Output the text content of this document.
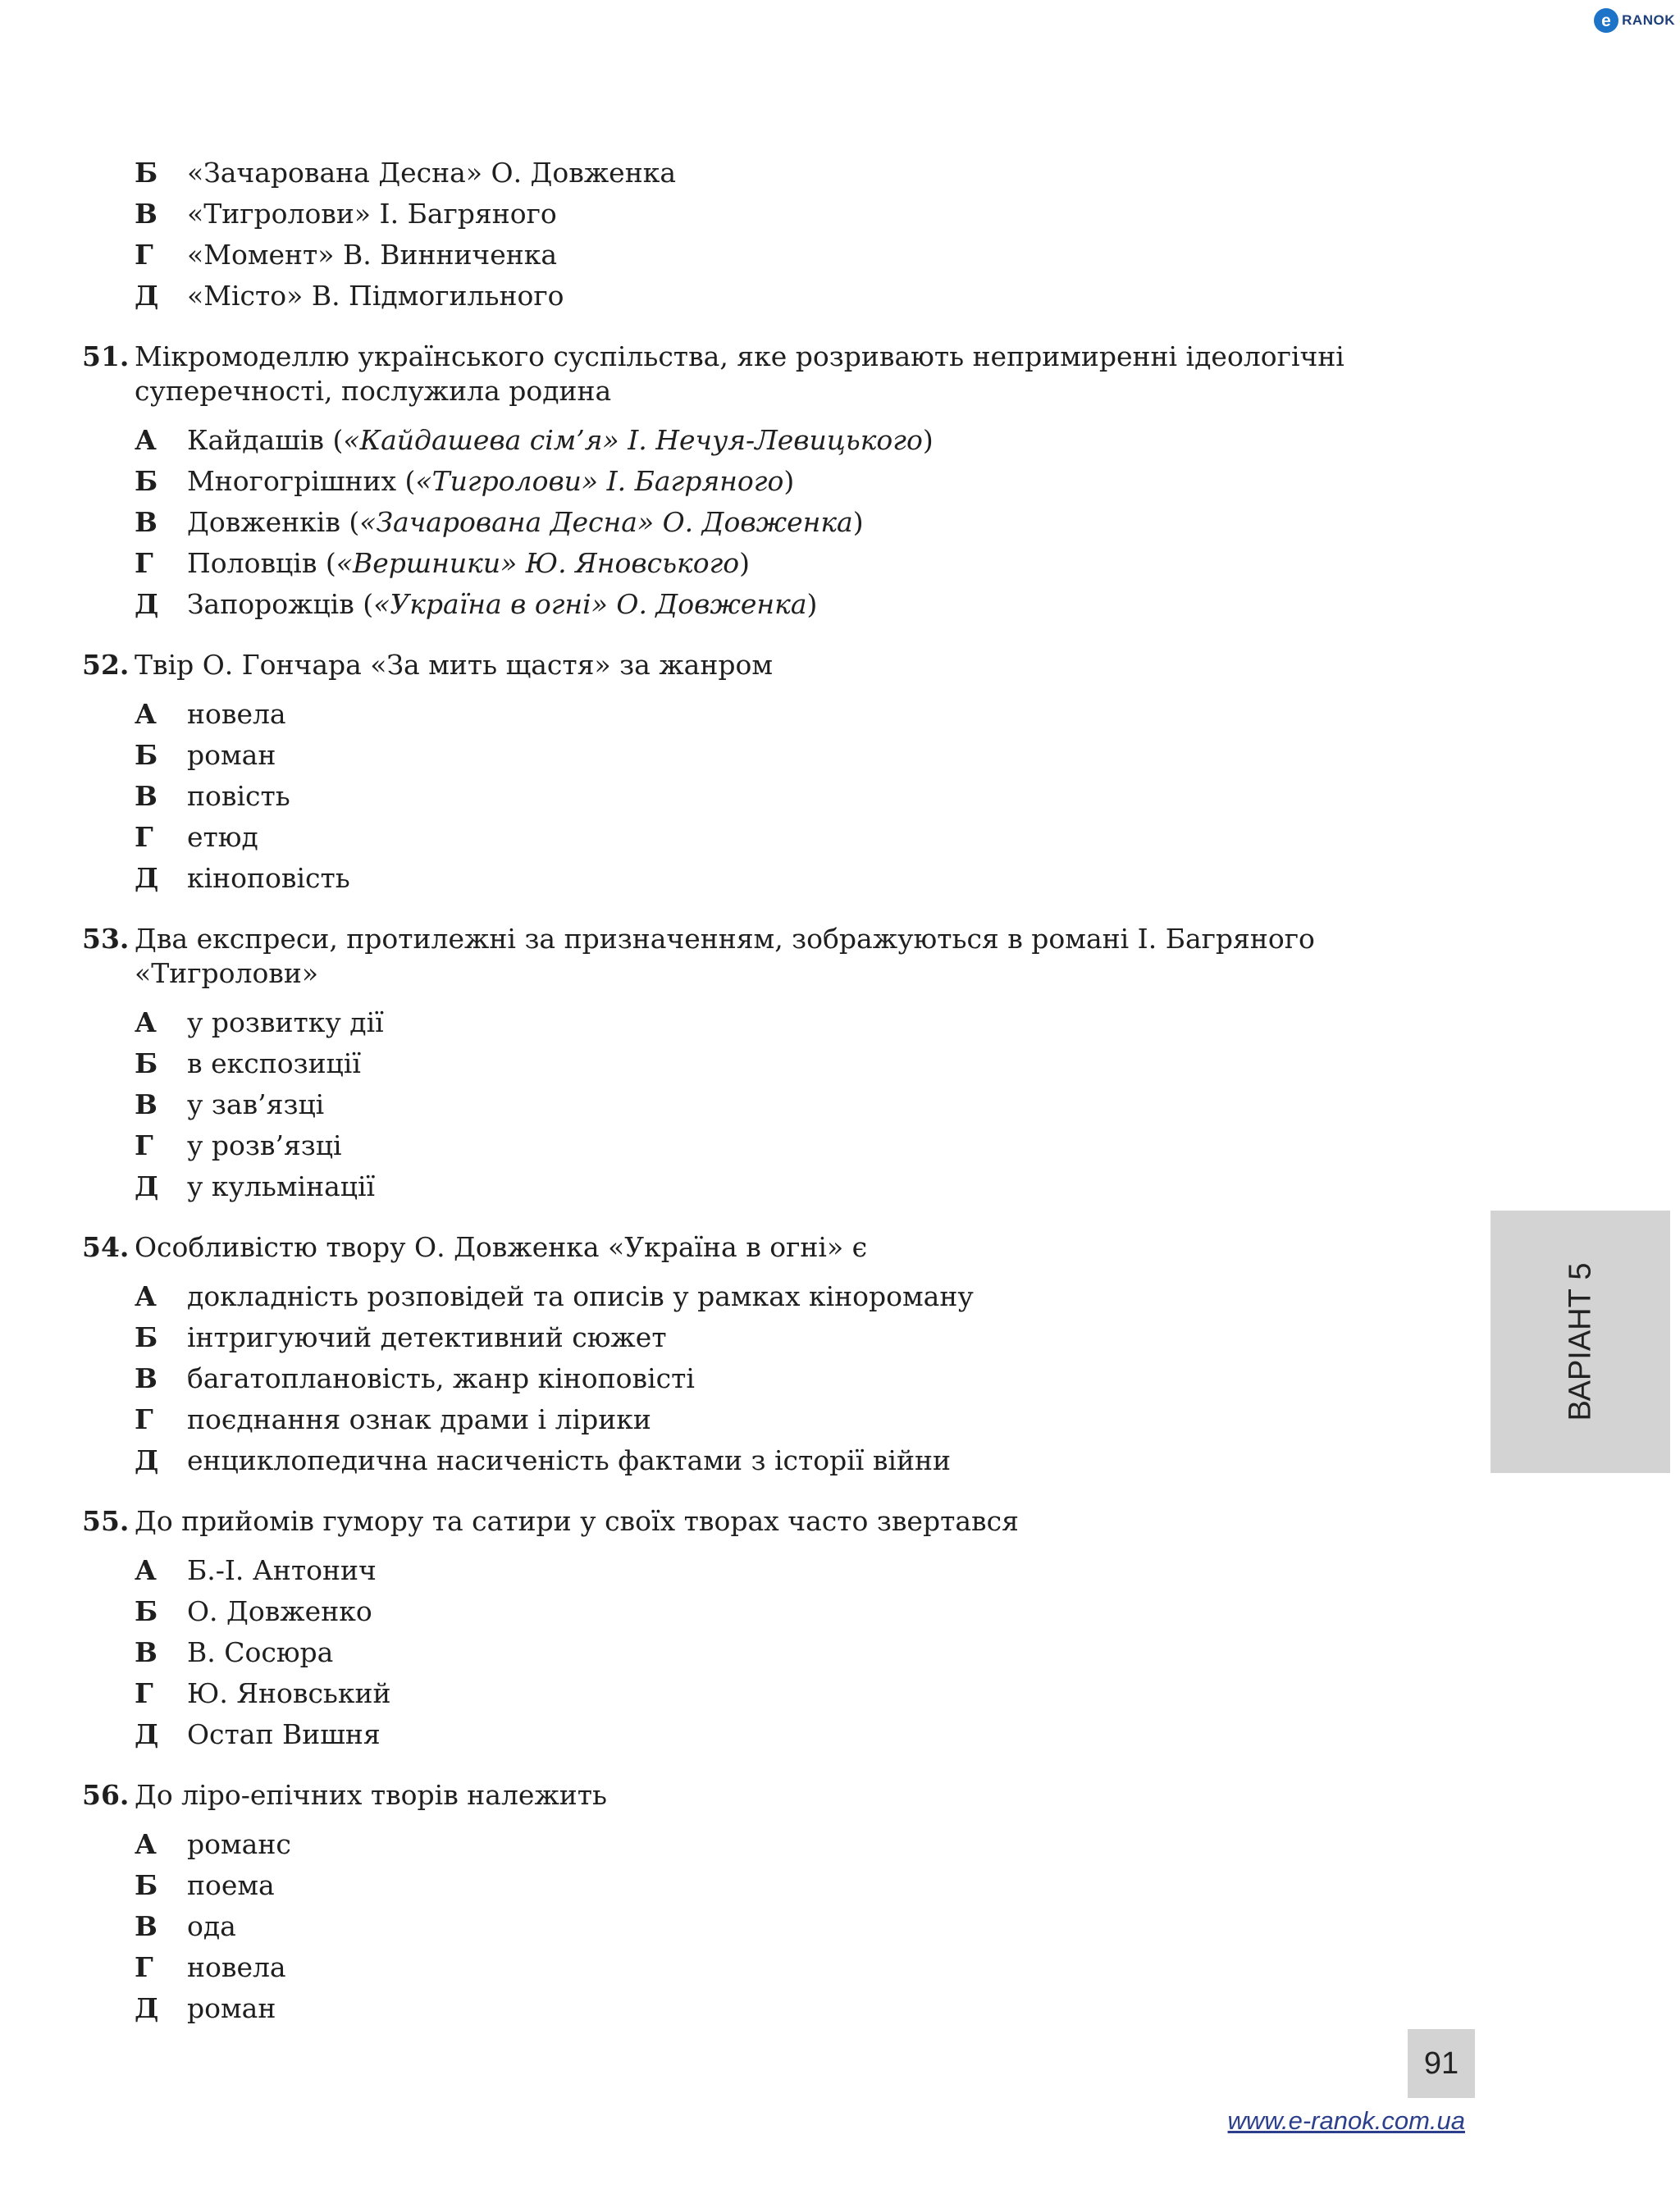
e RANOK
Б	«Зачарована Десна» О. Довженка
В	«Тигролови» І. Багряного
Г	«Момент» В. Винниченка
Д	«Місто» В. Підмогильного
51. Мікромоделлю українського суспільства, яке розривають непримиренні ідеологічні суперечності, послужила родина
А	Кайдашів («Кайдашева сім’я» І. Нечуя-Левицького)
Б	Многогрішних («Тигролови» І. Багряного)
В	Довженків («Зачарована Десна» О. Довженка)
Г	Половців («Вершники» Ю. Яновського)
Д	Запорожців («Україна в огні» О. Довженка)
52. Твір О. Гончара «За мить щастя» за жанром
А	новела
Б	роман
В	повість
Г	етюд
Д	кіноповість
53. Два експреси, протилежні за призначенням, зображуються в романі І. Багряного «Тигролови»
А	у розвитку дії
Б	в експозиції
В	у зав’язці
Г	у розв’язці
Д	у кульмінації
54. Особливістю твору О. Довженка «Україна в огні» є
А	докладність розповідей та описів у рамках кінороману
Б	інтригуючий детективний сюжет
В	багатоплановість, жанр кіноповісті
Г	поєднання ознак драми і лірики
Д	енциклопедична насиченість фактами з історії війни
55. До прийомів гумору та сатири у своїх творах часто звертався
А	Б.-І. Антонич
Б	О. Довженко
В	В. Сосюра
Г	Ю. Яновський
Д	Остап Вишня
56. До ліро-епічних творів належить
А	романс
Б	поема
В	ода
Г	новела
Д	роман
ВАРІАНТ 5
91
www.e-ranok.com.ua
